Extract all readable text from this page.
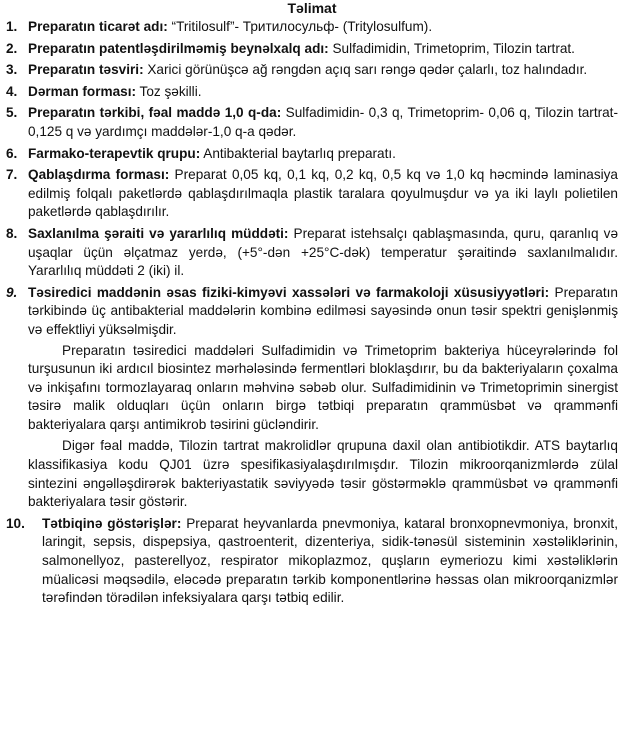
Təlimat
1. Preparatın ticarət adı: “Tritilosulf”- Тритилосульф- (Tritylosulfum).
2. Preparatın patentləşdirilməmiş beynəlxalq adı: Sulfadimidin, Trimetoprim, Tilozin tartrat.
3. Preparatın təsviri: Xarici görünüşcə ağ rəngdən açıq sarı rəngə qədər çalarlı, toz halındadır.
4. Dərman forması: Toz şəkilli.
5. Preparatın tərkibi, fəal maddə 1,0 q-da: Sulfadimidin- 0,3 q, Trimetoprim- 0,06 q, Tilozin tartrat- 0,125 q və yardımçı maddələr-1,0 q-a qədər.
6. Farmako-terapevtik qrupu: Antibakterial baytarlıq preparatı.
7. Qablaşdırma forması: Preparat 0,05 kq, 0,1 kq, 0,2 kq, 0,5 kq və 1,0 kq həcmində laminasiya edilmiş folqalı paketlərdə qablaşdırılmaqla plastik taralara qoyulmuşdur və ya iki laylı polietilen paketlərdə qablaşdırılır.
8. Saxlanılma şəraiti və yararlılıq müddəti: Preparat istehsalçı qablaşmasında, quru, qaranlıq və uşaqlar üçün əlçatmaz yerdə, (+5°-dən +25°C-dək) temperatur şəraitində saxlanılmalıdır. Yararlılıq müddəti 2 (iki) il.
9. Təsiredici maddənin əsas fiziki-kimyəvi xassələri və farmakoloji xüsusiyyətləri: Preparatın tərkibində üç antibakterial maddələrin kombinə edilməsi sayəsində onun təsir spektri genişlənmiş və effektliyi yüksəlmişdir.

Preparatın təsiredici maddələri Sulfadimidin və Trimetoprim bakteriya hüceyrələrində fol turşusunun iki ardıcıl biosintez mərhələsində fermentləri bloklaşdırır, bu da bakteriyaların çoxalma və inkişafını tormozlayaraq onların məhvinə səbəb olur. Sulfadimidinin və Trimetoprimin sinergist təsirə malik olduqları üçün onların birgə tətbiqi preparatın qrammüsbət və qrammənfi bakteriyalara qarşı antimikrob təsirini gücləndirir.

Digər fəal maddə, Tilozin tartrat makrolidlər qrupuna daxil olan antibiotikdir. ATS baytarlıq klassifikasiya kodu QJ01 üzrə spesifikasiyalaşdırılmışdır. Tilozin mikroorqanizmlərdə zülal sintezini əngəlləşdirərək bakteriyastatik səviyyədə təsir göstərməklə qrammüsbət və qrammənfi bakteriyalara təsir göstərir.

10. Tətbiqinə göstərişlər: Preparat heyvanlarda pnevmoniya, kataral bronxopnevmoniya, bronxit, laringit, sepsis, dispepsiya, qastroenterit, dizenteriya, sidik-tənəsül sisteminin xəstəliklərinin, salmonellyoz, pasterellyoz, respirator mikoplazmoz, quşların eymeriozu kimi xəstəliklərin müalicəsi məqsədilə, eləcədə preparatın tərkib komponentlərinə həssas olan mikroorqanizmlər tərəfindən törədilən infeksiyalara qarşı tətbiq edilir.
